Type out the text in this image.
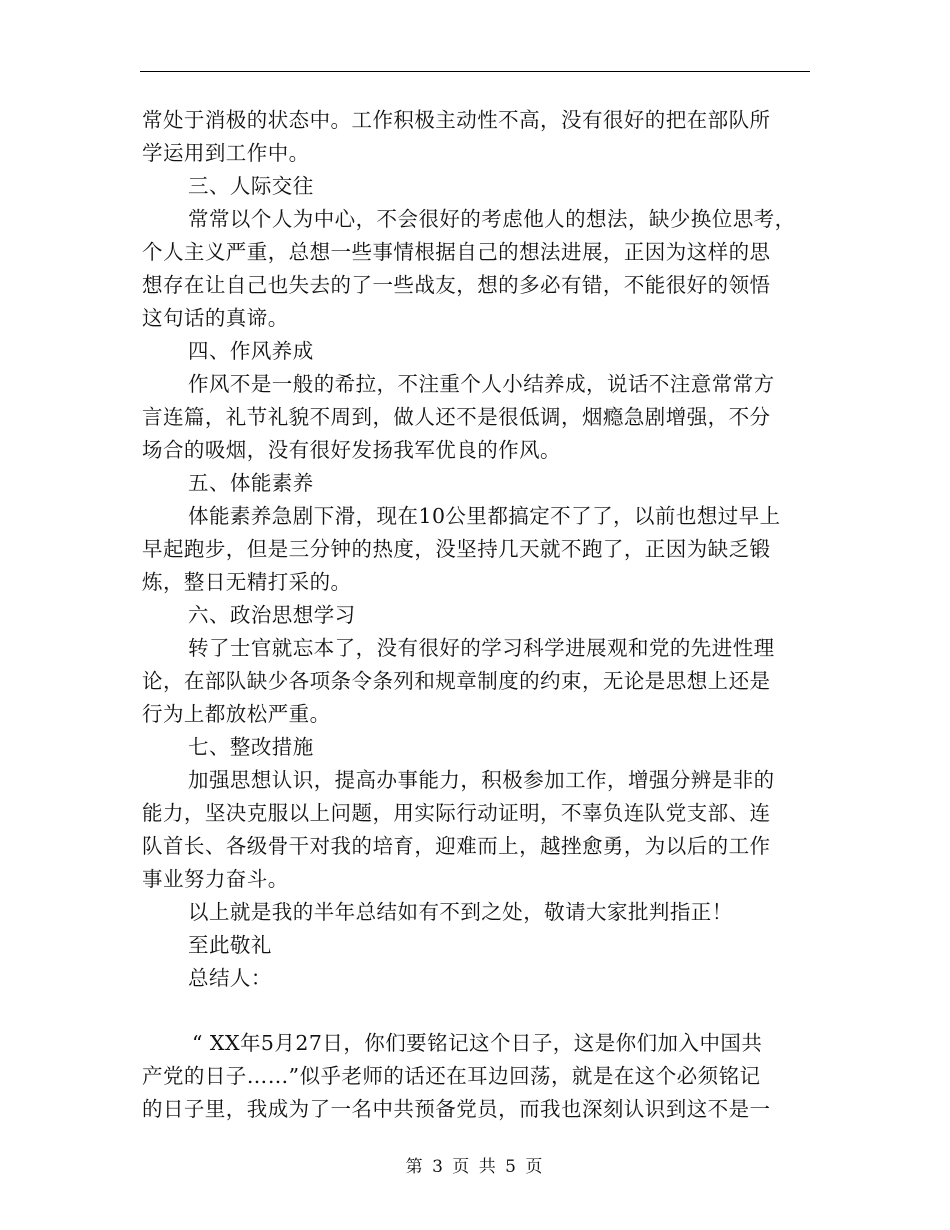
常处于消极的状态中。工作积极主动性不高，没有很好的把在部队所
学运用到工作中。
三、人际交往
常常以个人为中心，不会很好的考虑他人的想法，缺少换位思考，
个人主义严重，总想一些事情根据自己的想法进展，正因为这样的思
想存在让自己也失去的了一些战友，想的多必有错，不能很好的领悟
这句话的真谛。
四、作风养成
作风不是一般的希拉，不注重个人小结养成，说话不注意常常方
言连篇，礼节礼貌不周到，做人还不是很低调，烟瘾急剧增强，不分
场合的吸烟，没有很好发扬我军优良的作风。
五、体能素养
体能素养急剧下滑，现在10公里都搞定不了了，以前也想过早上
早起跑步，但是三分钟的热度，没坚持几天就不跑了，正因为缺乏锻
炼，整日无精打采的。
六、政治思想学习
转了士官就忘本了，没有很好的学习科学进展观和党的先进性理
论，在部队缺少各项条令条列和规章制度的约束，无论是思想上还是
行为上都放松严重。
七、整改措施
加强思想认识，提高办事能力，积极参加工作，增强分辨是非的
能力，坚决克服以上问题，用实际行动证明，不辜负连队党支部、连
队首长、各级骨干对我的培育，迎难而上，越挫愈勇，为以后的工作
事业努力奋斗。
以上就是我的半年总结如有不到之处，敬请大家批判指正！
至此敬礼
总结人：
“ XX年5月27日，你们要铭记这个日子，这是你们加入中国共
产党的日子……”似乎老师的话还在耳边回荡，就是在这个必须铭记
的日子里，我成为了一名中共预备党员，而我也深刻认识到这不是一
第 3 页 共 5 页
